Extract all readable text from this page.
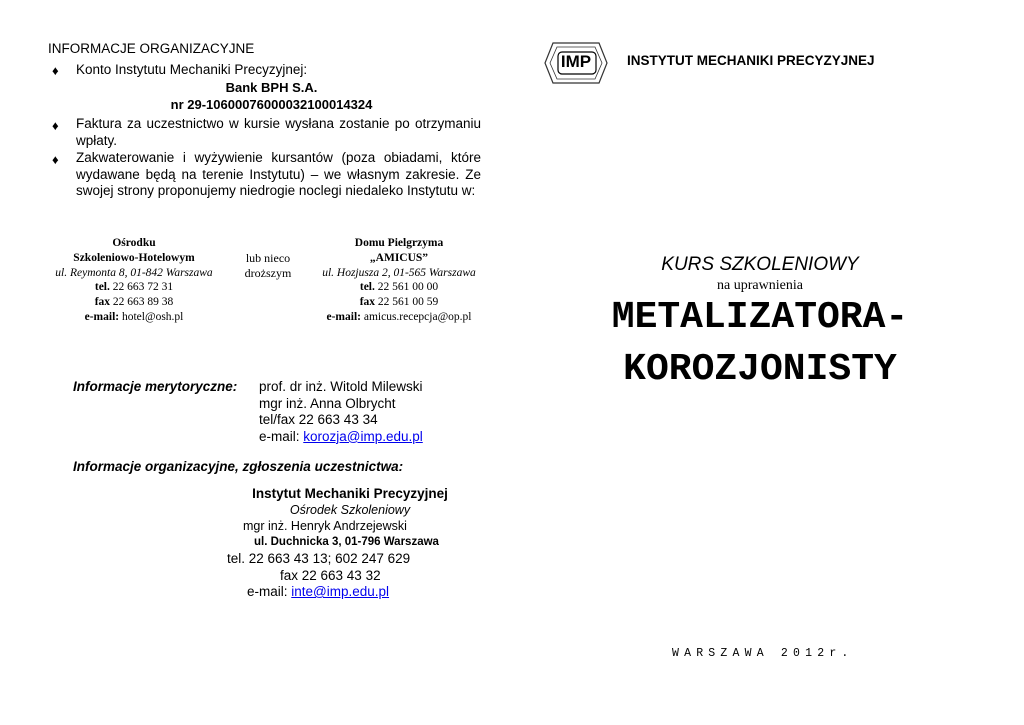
INFORMACJE ORGANIZACYJNE
♦ Konto Instytutu Mechaniki Precyzyjnej:
Bank BPH S.A.
nr 29-10600076000032100014324
♦ Faktura za uczestnictwo w kursie wysłana zostanie po otrzymaniu wpłaty.
♦ Zakwaterowanie i wyżywienie kursantów (poza obiadami, które wydawane będą na terenie Instytutu) – we własnym zakresie. Ze swojej strony proponujemy niedrogie noclegi niedaleko Instytutu w:
Ośrodku
Szkoleniowo-Hotelowym
ul. Reymonta 8, 01-842 Warszawa
tel. 22 663 72 31
fax 22 663 89 38
e-mail: hotel@osh.pl
lub nieco
droższym
Domu Pielgrzyma
„AMICUS”
ul. Hozjusza 2, 01-565 Warszawa
tel. 22 561 00 00
fax 22 561 00 59
e-mail: amicus.recepcja@op.pl
Informacje merytoryczne: prof. dr inż. Witold Milewski
mgr inż. Anna Olbrycht
tel/fax 22 663 43 34
e-mail: korozja@imp.edu.pl
Informacje organizacyjne, zgłoszenia uczestnictwa:
Instytut Mechaniki Precyzyjnej
Ośrodek Szkoleniowy
mgr inż. Henryk Andrzejewski
ul. Duchnicka 3, 01-796 Warszawa
tel. 22 663 43 13; 602 247 629
fax 22 663 43 32
e-mail: inte@imp.edu.pl
IMP	INSTYTUT MECHANIKI PRECYZYJNEJ
KURS SZKOLENIOWY
na uprawnienia
METALIZATORA-
KOROZJONISTY
WARSZAWA 2012r.
